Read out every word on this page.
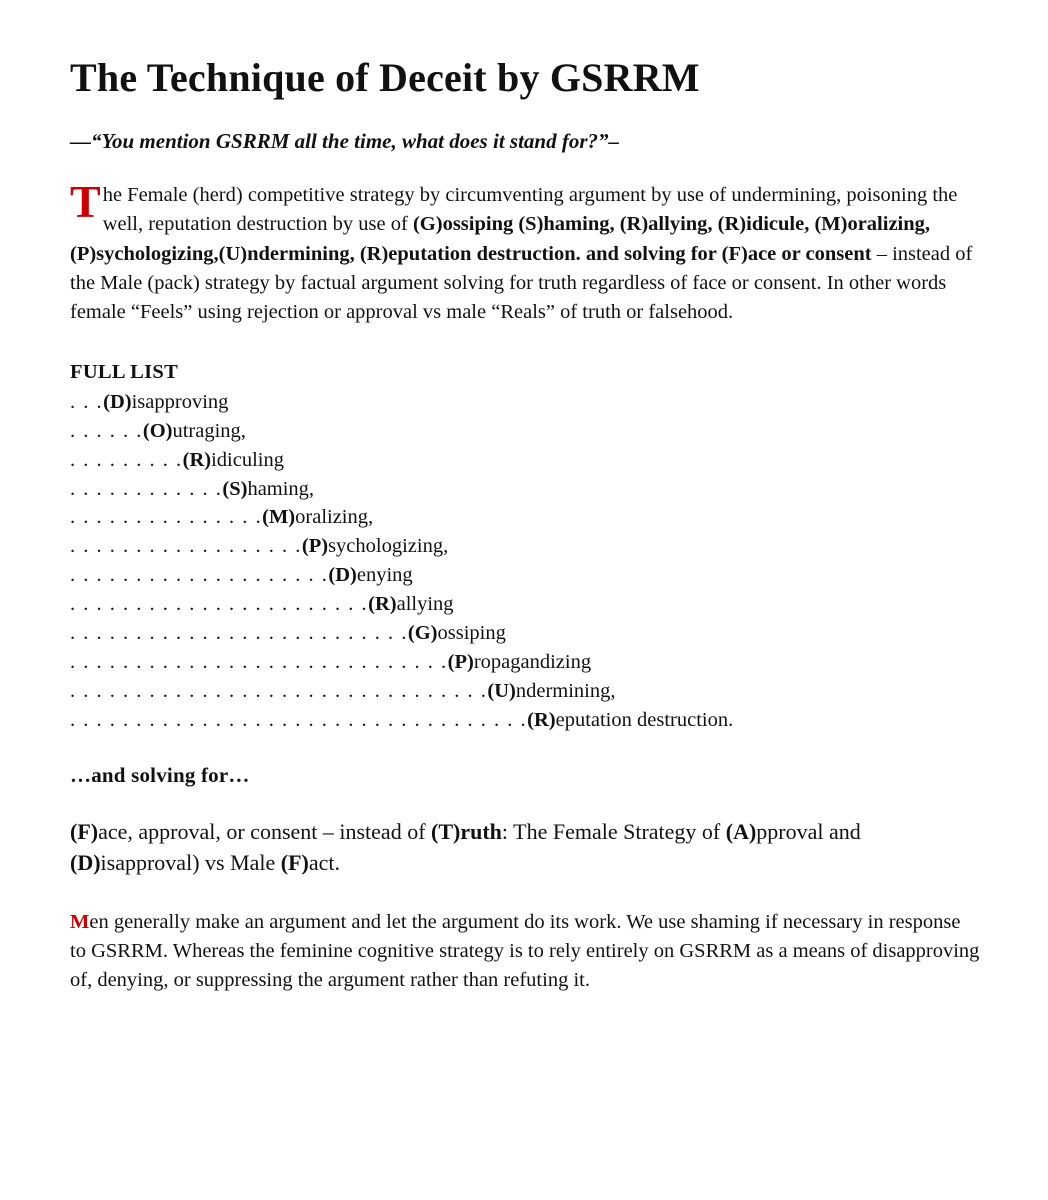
The Technique of Deceit by GSRRM

—“You mention GSRRM all the time, what does it stand for?”–

The Female (herd) competitive strategy by circumventing argument by use of undermining, poisoning the well, reputation destruction by use of (G)ossiping (S)haming, (R)allying, (R)idicule, (M)oralizing, (P)sychologizing,(U)ndermining, (R)eputation destruction. and solving for (F)ace or consent – instead of the Male (pack) strategy by factual argument solving for truth regardless of face or consent. In other words female “Feels” using rejection or approval vs male “Reals” of truth or falsehood.

FULL LIST

. . .(D)isapproving
. . . . . .(O)utraging,
. . . . . . . . .(R)idiculing
. . . . . . . . . . . .(S)haming,
. . . . . . . . . . . . . . .(M)oralizing,
. . . . . . . . . . . . . . . . . .(P)sychologizing,
. . . . . . . . . . . . . . . . . . . .(D)enying
. . . . . . . . . . . . . . . . . . . . . . .(R)allying
. . . . . . . . . . . . . . . . . . . . . . . . . .(G)ossiping
. . . . . . . . . . . . . . . . . . . . . . . . . . . . .(P)ropagandizing
. . . . . . . . . . . . . . . . . . . . . . . . . . . . . . . .(U)ndermining,
. . . . . . . . . . . . . . . . . . . . . . . . . . . . . . . . . . .(R)eputation destruction.

…and solving for…

(F)ace, approval, or consent – instead of (T)ruth: The Female Strategy of (A)pproval and (D)isapproval) vs Male (F)act.

Men generally make an argument and let the argument do its work. We use shaming if necessary in response to GSRRM. Whereas the feminine cognitive strategy is to rely entirely on GSRRM as a means of disapproving of, denying, or suppressing the argument rather than refuting it.
